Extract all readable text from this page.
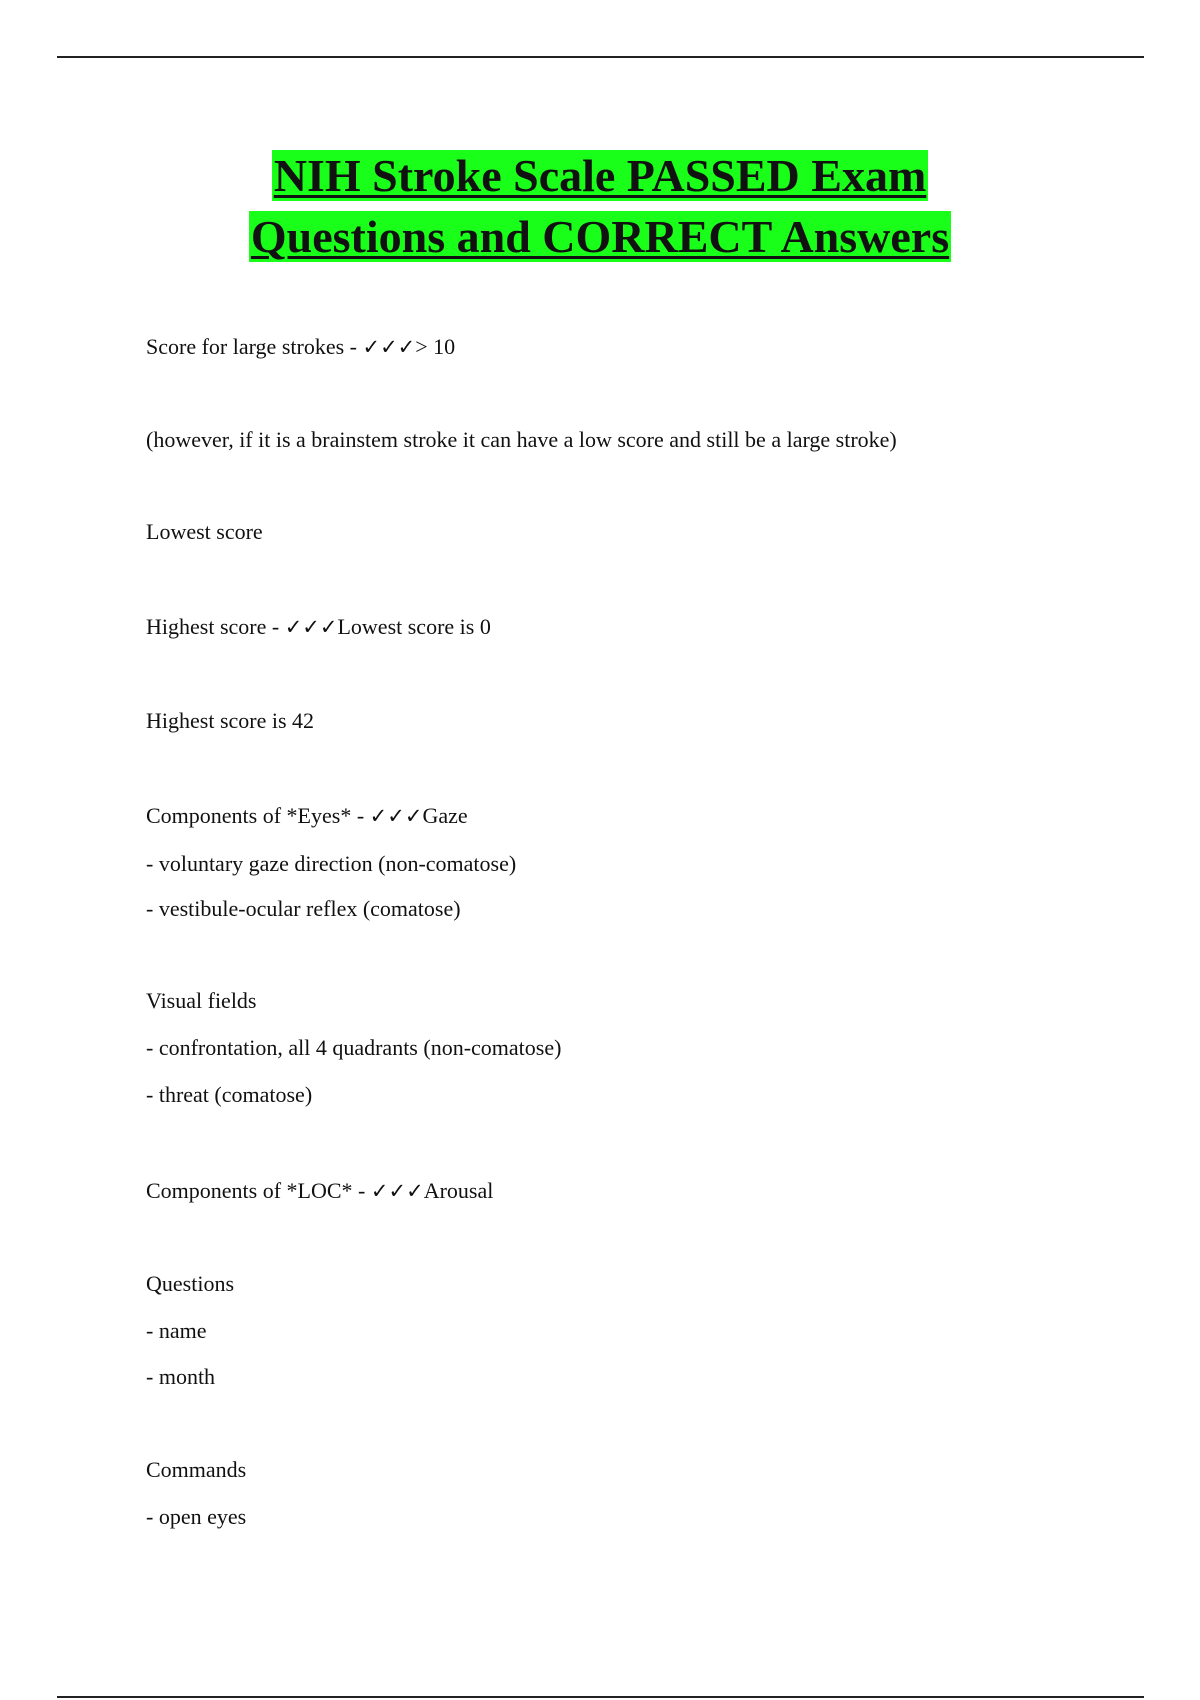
NIH Stroke Scale PASSED Exam
Questions and CORRECT Answers
Score for large strokes - ✓✓✓> 10
(however, if it is a brainstem stroke it can have a low score and still be a large stroke)
Lowest score
Highest score - ✓✓✓Lowest score is 0
Highest score is 42
Components of *Eyes* - ✓✓✓Gaze
- voluntary gaze direction (non-comatose)
- vestibule-ocular reflex (comatose)
Visual fields
- confrontation, all 4 quadrants (non-comatose)
- threat (comatose)
Components of *LOC* - ✓✓✓Arousal
Questions
- name
- month
Commands
- open eyes
